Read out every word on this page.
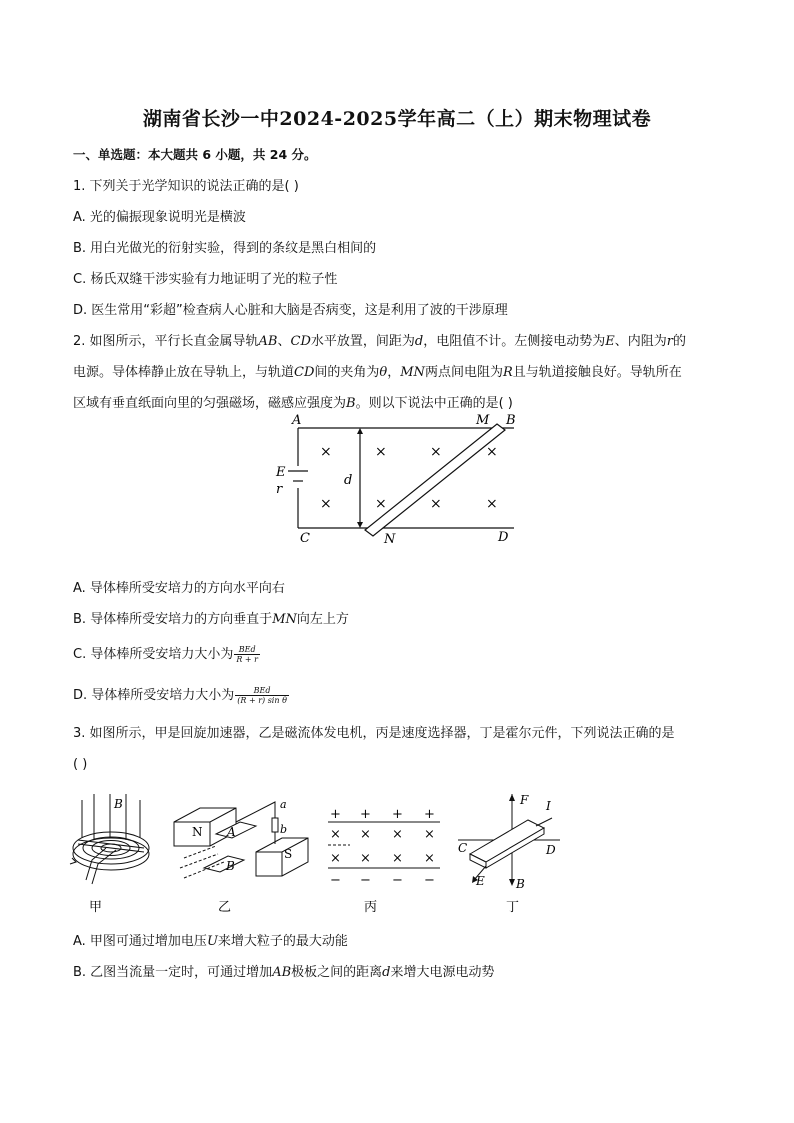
湖南省长沙一中2024-2025学年高二（上）期末物理试卷
一、单选题：本大题共 6 小题，共 24 分。
1. 下列关于光学知识的说法正确的是( )
A. 光的偏振现象说明光是横波
B. 用白光做光的衍射实验，得到的条纹是黑白相间的
C. 杨氏双缝干涉实验有力地证明了光的粒子性
D. 医生常用“彩超”检查病人心脏和大脑是否病变，这是利用了波的干涉原理
2. 如图所示，平行长直金属导轨AB、CD水平放置，间距为d，电阻值不计。左侧接电动势为E、内阻为r的
电源。导体棒静止放在导轨上，与轨道CD间的夹角为θ，MN两点间电阻为R且与轨道接触良好。导轨所在
区域有垂直纸面向里的匀强磁场，磁感应强度为B。则以下说法中正确的是( )
A	M B
E
r
d
C	N	D
×	×	×	×
×	×	×	×
A. 导体棒所受安培力的方向水平向右
B. 导体棒所受安培力的方向垂直于MN向左上方
C. 导体棒所受安培力大小为 $\frac{\text{BEd}}{R + r}$
D. 导体棒所受安培力大小为 $\frac{\text{BEd}}{\text{(R + r) sin θ}}$
3. 如图所示，甲是回旋加速器，乙是磁流体发电机，丙是速度选择器，丁是霍尔元件，下列说法正确的是
( )
B
甲
N A
S
B
a
b
乙
+ + + +
× × × ×
× × × ×
− − − −
丙
F I
C	D
E	B
丁
A. 甲图可通过增加电压U来增大粒子的最大动能
B. 乙图当流量一定时，可通过增加AB极板之间的距离d来增大电源电动势
